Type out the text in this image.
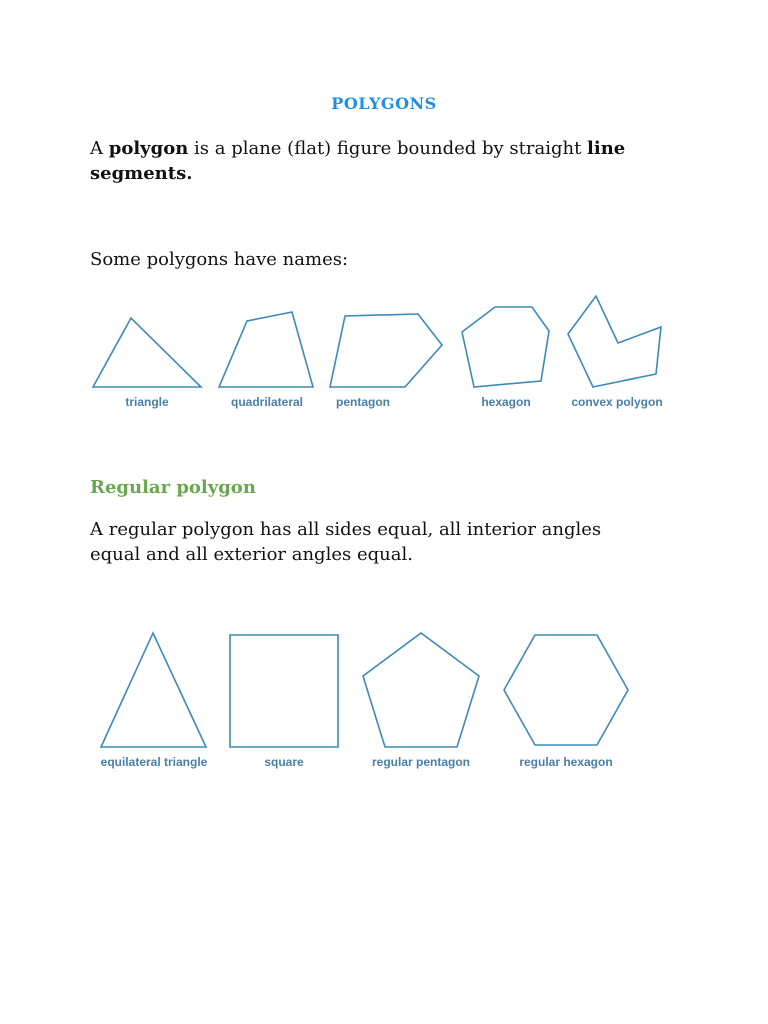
POLYGONS
A polygon is a plane (flat) figure bounded by straight line segments.
Some polygons have names:
triangle	quadrilateral	pentagon	hexagon	convex polygon
Regular polygon
A regular polygon has all sides equal, all interior angles equal and all exterior angles equal.
equilateral triangle	square	regular pentagon	regular hexagon
